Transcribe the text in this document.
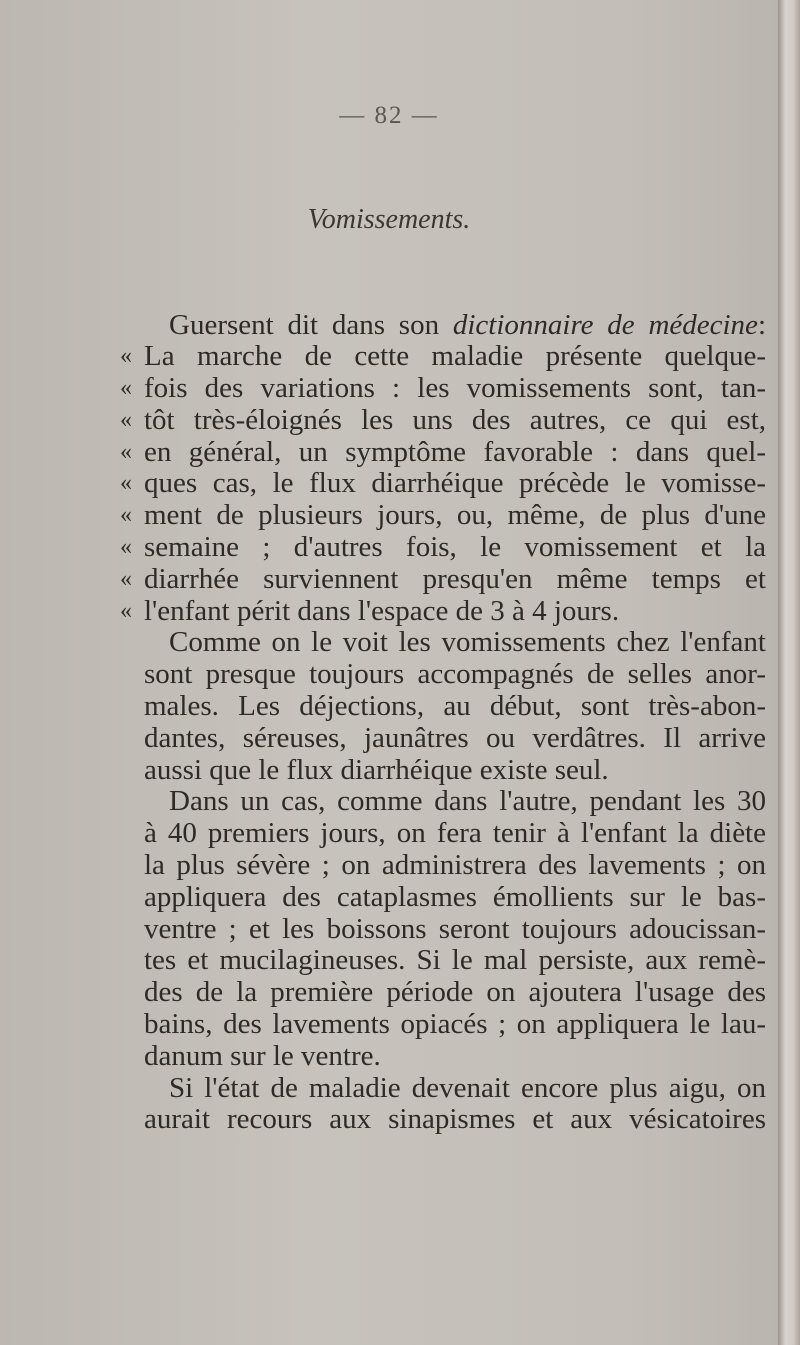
— 82 —
Vomissements.
Guersent dit dans son dictionnaire de médecine:
« La marche de cette maladie présente quelque-
« fois des variations : les vomissements sont, tan-
« tôt très-éloignés les uns des autres, ce qui est,
« en général, un symptôme favorable : dans quel-
« ques cas, le flux diarrhéique précède le vomisse-
« ment de plusieurs jours, ou, même, de plus d'une
« semaine ; d'autres fois, le vomissement et la
« diarrhée surviennent presqu'en même temps et
« l'enfant périt dans l'espace de 3 à 4 jours.
Comme on le voit les vomissements chez l'enfant
sont presque toujours accompagnés de selles anor-
males. Les déjections, au début, sont très-abon-
dantes, séreuses, jaunâtres ou verdâtres. Il arrive
aussi que le flux diarrhéique existe seul.
Dans un cas, comme dans l'autre, pendant les 30
à 40 premiers jours, on fera tenir à l'enfant la diète
la plus sévère ; on administrera des lavements ; on
appliquera des cataplasmes émollients sur le bas-
ventre ; et les boissons seront toujours adoucissan-
tes et mucilagineuses. Si le mal persiste, aux remè-
des de la première période on ajoutera l'usage des
bains, des lavements opiacés ; on appliquera le lau-
danum sur le ventre.
Si l'état de maladie devenait encore plus aigu, on
aurait recours aux sinapismes et aux vésicatoires
